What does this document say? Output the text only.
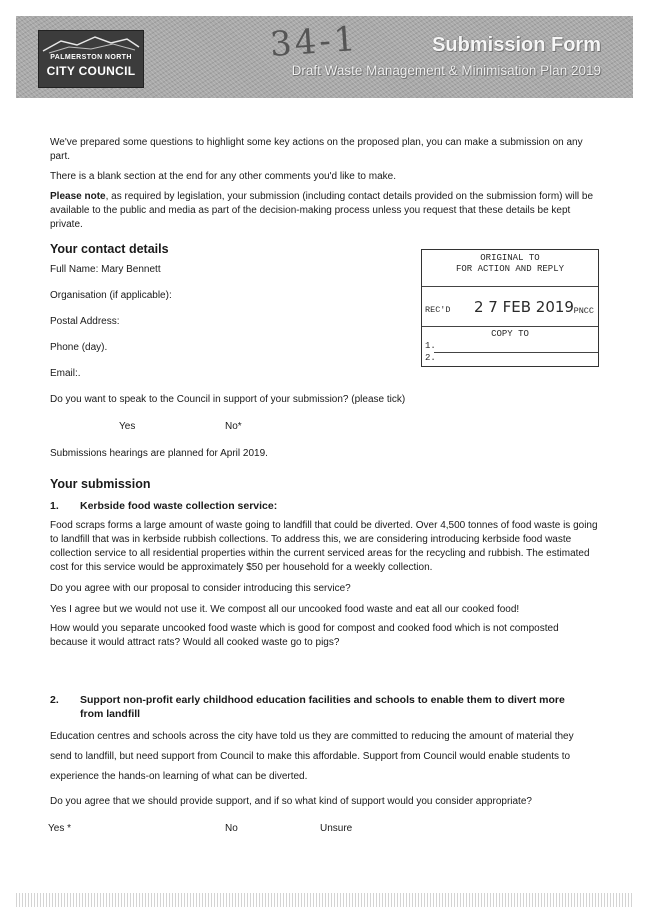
PALMERSTON NORTH
CITY COUNCIL
34-1	Submission Form
Draft Waste Management & Minimisation Plan 2019
We've prepared some questions to highlight some key actions on the proposed plan, you can make a submission on any part.
There is a blank section at the end for any other comments you'd like to make.
Please note, as required by legislation, your submission (including contact details provided on the submission form) will be available to the public and media as part of the decision-making process unless you request that these details be kept private.
Your contact details
Full Name: Mary Bennett
Organisation (if applicable):
Postal Address:
Phone (day).
Email:.
Do you want to speak to the Council in support of your submission? (please tick)
Yes	No*
Submissions hearings are planned for April 2019.
ORIGINAL TO
FOR ACTION AND REPLY
REC'D 2 7 FEB 2019 PNCC
COPY TO
1.
2.
Your submission
1. Kerbside food waste collection service:
Food scraps forms a large amount of waste going to landfill that could be diverted. Over 4,500 tonnes of food waste is going to landfill that was in kerbside rubbish collections. To address this, we are considering introducing kerbside food waste collection service to all residential properties within the current serviced areas for the recycling and rubbish. The estimated cost for this service would be approximately $50 per household for a weekly collection.
Do you agree with our proposal to consider introducing this service?
Yes I agree but we would not use it. We compost all our uncooked food waste and eat all our cooked food!
How would you separate uncooked food waste which is good for compost and cooked food which is not composted because it would attract rats? Would all cooked waste go to pigs?
2. Support non-profit early childhood education facilities and schools to enable them to divert more from landfill
Education centres and schools across the city have told us they are committed to reducing the amount of material they send to landfill, but need support from Council to make this affordable. Support from Council would enable students to experience the hands-on learning of what can be diverted.
Do you agree that we should provide support, and if so what kind of support would you consider appropriate?
Yes *	No	Unsure
